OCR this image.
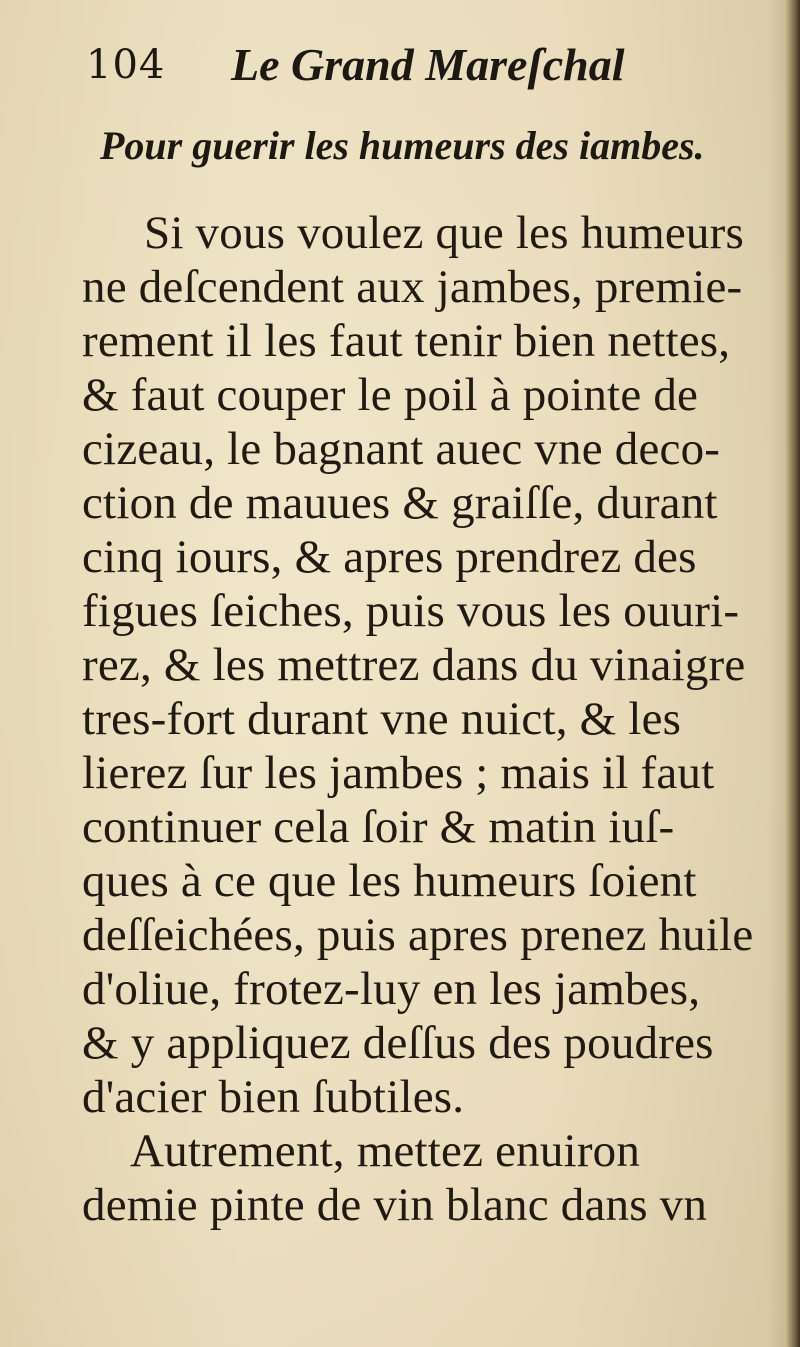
104 Le Grand Mareſchal
Pour guerir les humeurs des iambes.
Si vous voulez que les humeurs
ne deſcendent aux jambes, premie-
rement il les faut tenir bien nettes,
& faut couper le poil à pointe de
cizeau, le bagnant auec vne deco-
ction de mauues & graiſſe, durant
cinq iours, & apres prendrez des
figues ſeiches, puis vous les ouuri-
rez, & les mettrez dans du vinaigre
tres-fort durant vne nuict, & les
lierez ſur les jambes ; mais il faut
continuer cela ſoir & matin iuſ-
ques à ce que les humeurs ſoient
deſſeichées, puis apres prenez huile
d'oliue, frotez-luy en les jambes,
& y appliquez deſſus des poudres
d'acier bien ſubtiles.
Autrement, mettez enuiron
demie pinte de vin blanc dans vn
